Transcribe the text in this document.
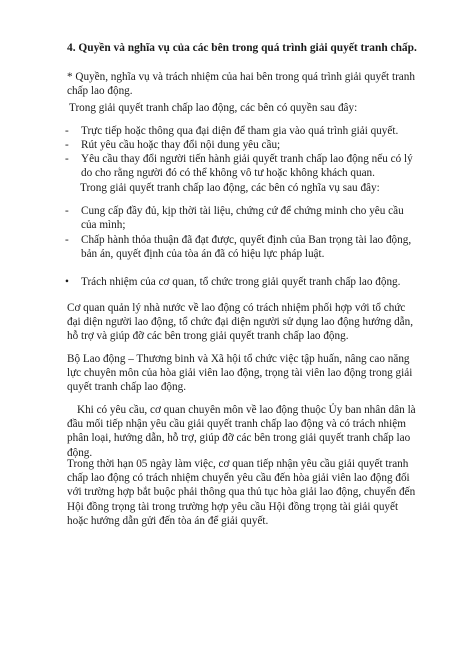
4. Quyền và nghĩa vụ của các bên trong quá trình giải quyết tranh chấp.

* Quyền, nghĩa vụ và trách nhiệm của hai bên trong quá trình giải quyết tranh chấp lao động.

Trong giải quyết tranh chấp lao động, các bên có quyền sau đây:

-	Trực tiếp hoặc thông qua đại diện để tham gia vào quá trình giải quyết.
-	Rút yêu cầu hoặc thay đổi nội dung yêu cầu;
-	Yêu cầu thay đổi người tiến hành giải quyết tranh chấp lao động nếu có lý do cho rằng người đó có thể không vô tư hoặc không khách quan.

Trong giải quyết tranh chấp lao động, các bên có nghĩa vụ sau đây:

-	Cung cấp đầy đủ, kịp thời tài liệu, chứng cứ để chứng minh cho yêu cầu của mình;
-	Chấp hành thỏa thuận đã đạt được, quyết định của Ban trọng tài lao động, bản án, quyết định của tòa án đã có hiệu lực pháp luật.
•	Trách nhiệm của cơ quan, tổ chức trong giải quyết tranh chấp lao động.

Cơ quan quản lý nhà nước về lao động có trách nhiệm phối hợp với tổ chức đại diện người lao động, tổ chức đại diện người sử dụng lao động hướng dẫn, hỗ trợ và giúp đỡ các bên trong giải quyết tranh chấp lao động.

Bộ Lao động – Thương binh và Xã hội tổ chức việc tập huấn, nâng cao năng lực chuyên môn của hòa giải viên lao động, trọng tài viên lao động trong giải quyết tranh chấp lao động.

Khi có yêu cầu, cơ quan chuyên môn về lao động thuộc Ủy ban nhân dân là đầu mối tiếp nhận yêu cầu giải quyết tranh chấp lao động và có trách nhiệm phân loại, hướng dẫn, hỗ trợ, giúp đỡ các bên trong giải quyết tranh chấp lao động.

Trong thời hạn 05 ngày làm việc, cơ quan tiếp nhận yêu cầu giải quyết tranh chấp lao động có trách nhiệm chuyển yêu cầu đến hòa giải viên lao động đối với trường hợp bắt buộc phải thông qua thủ tục hòa giải lao động, chuyển đến Hội đồng trọng tài trong trường hợp yêu cầu Hội đồng trọng tài giải quyết hoặc hướng dẫn gửi đến tòa án để giải quyết.
